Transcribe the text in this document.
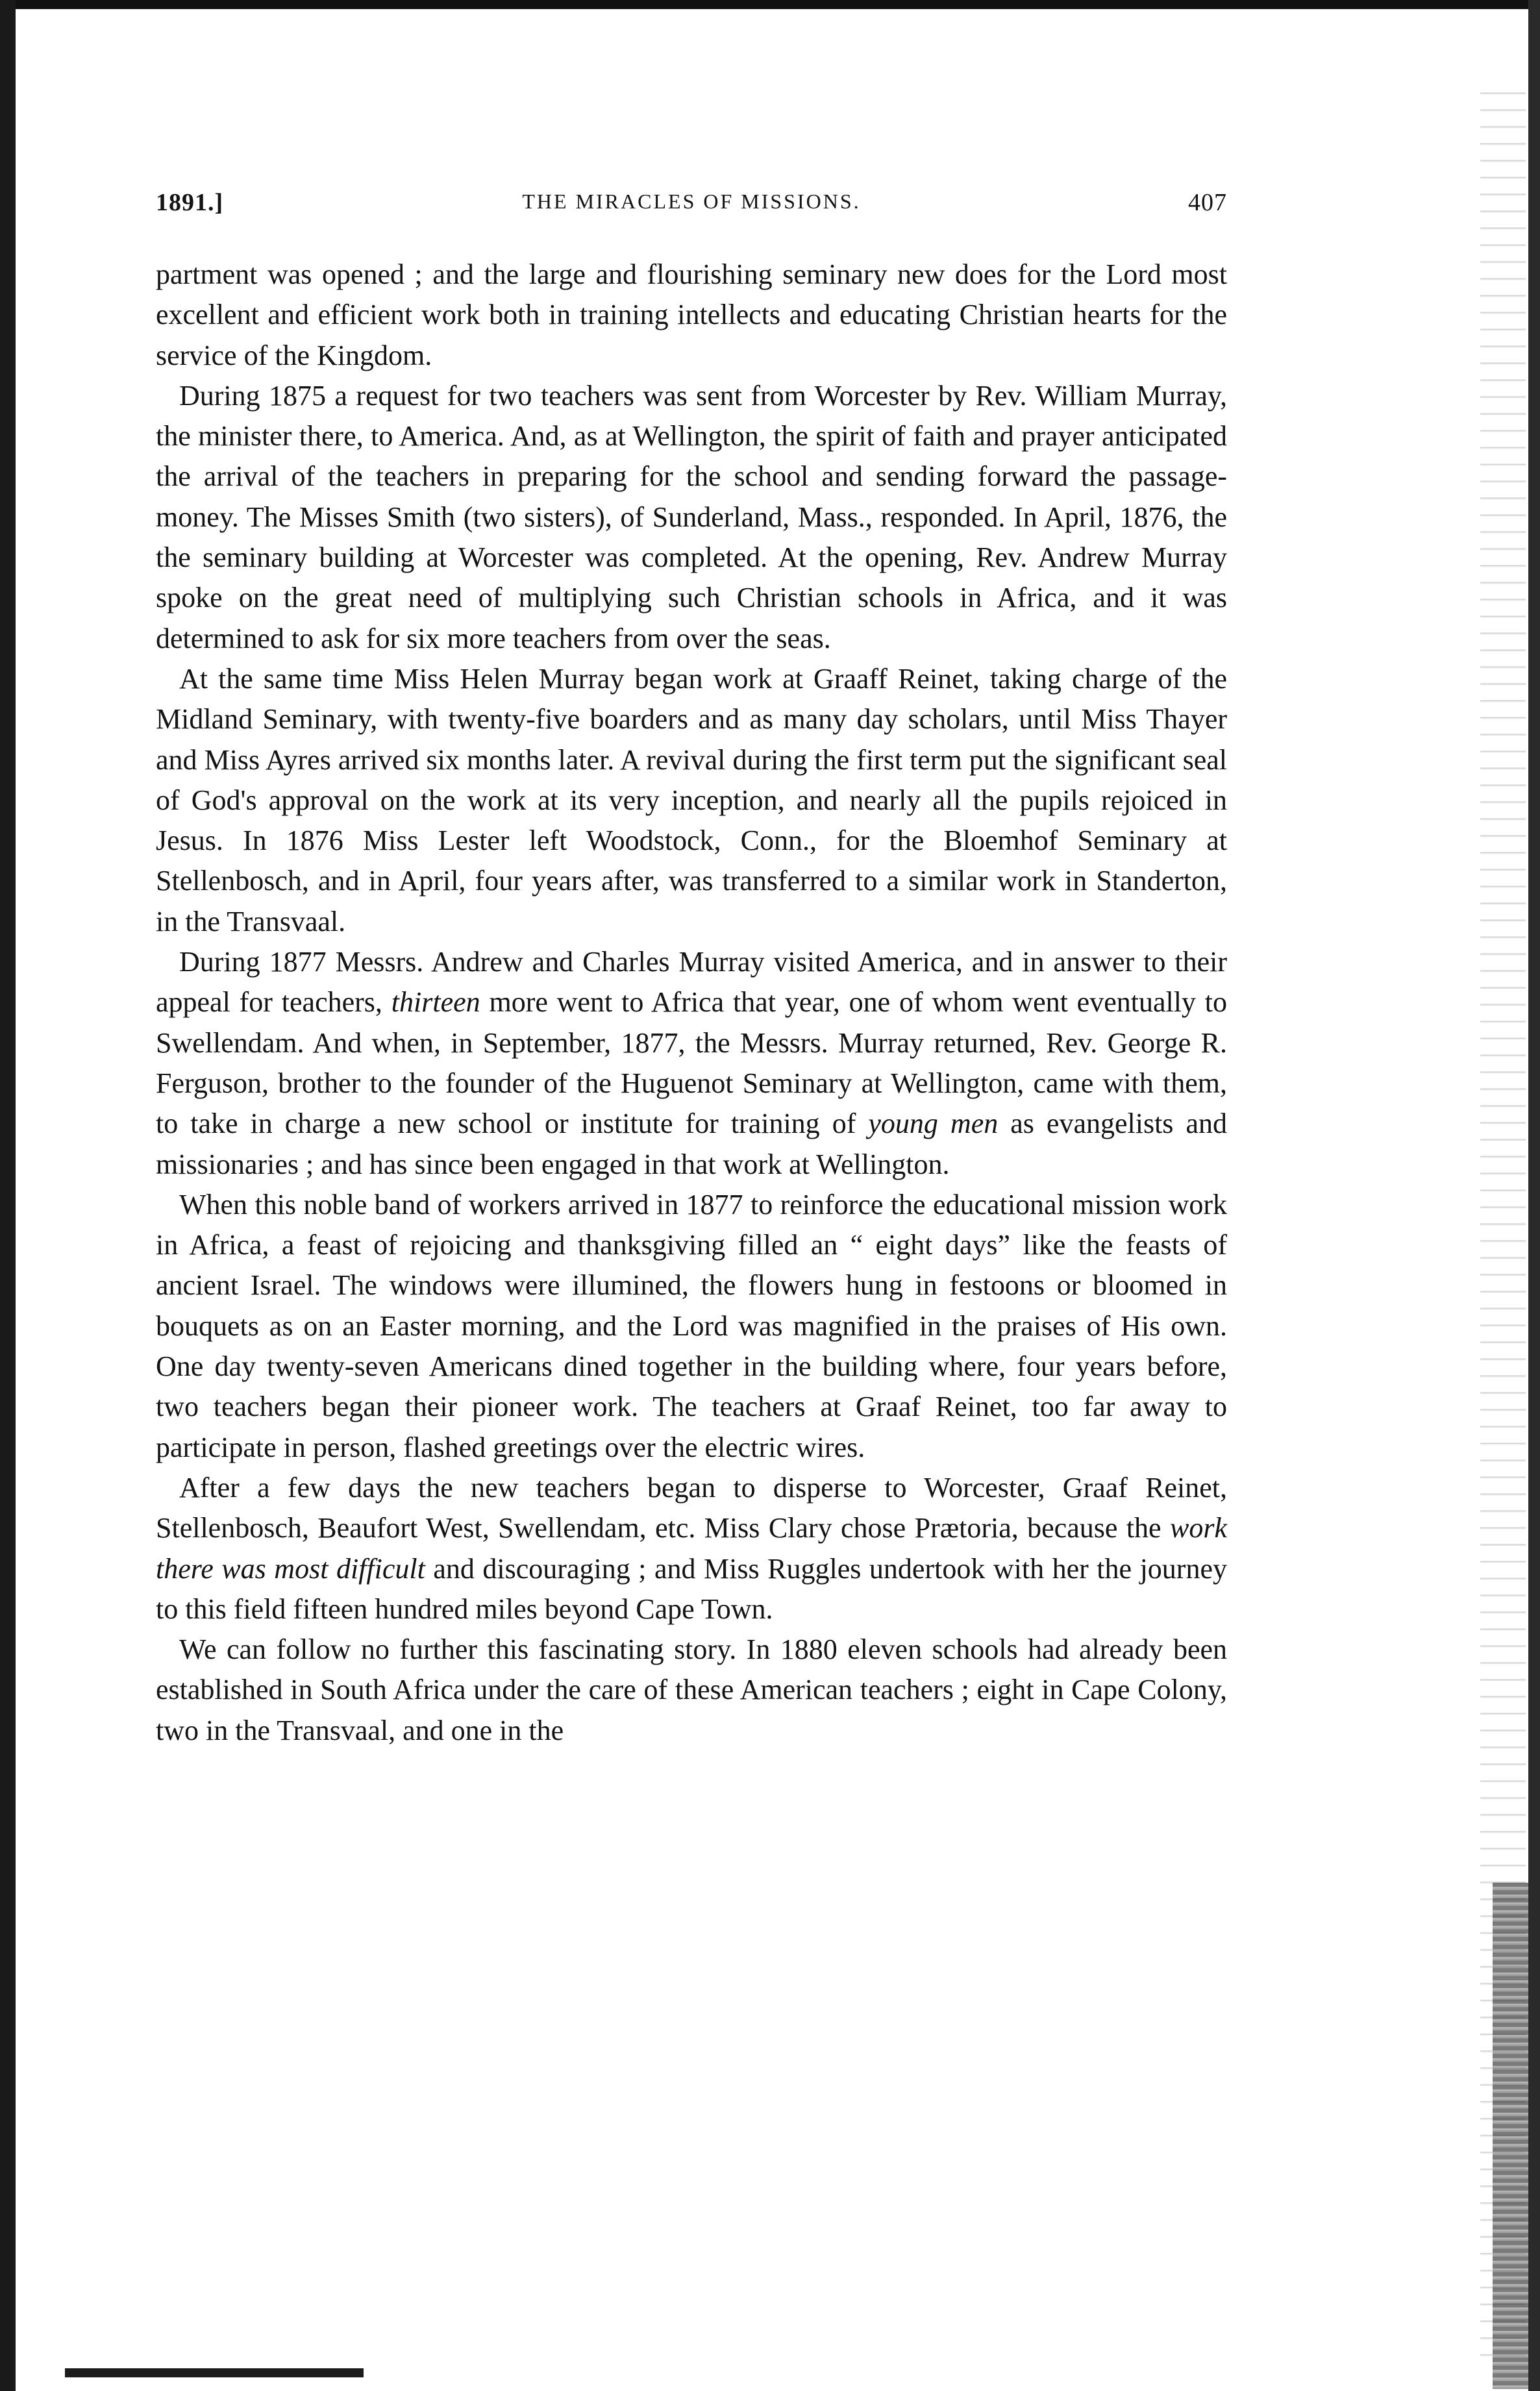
1891.]	THE MIRACLES OF MISSIONS.	407

partment was opened ; and the large and flourishing seminary new does for the Lord most excellent and efficient work both in training intellects and educating Christian hearts for the service of the Kingdom.

During 1875 a request for two teachers was sent from Worcester by Rev. William Murray, the minister there, to America. And, as at Wellington, the spirit of faith and prayer anticipated the arrival of the teachers in preparing for the school and sending forward the passage-money. The Misses Smith (two sisters), of Sunderland, Mass., responded. In April, 1876, the the seminary building at Worcester was completed. At the opening, Rev. Andrew Murray spoke on the great need of multiplying such Christian schools in Africa, and it was determined to ask for six more teachers from over the seas.

At the same time Miss Helen Murray began work at Graaff Reinet, taking charge of the Midland Seminary, with twenty-five boarders and as many day scholars, until Miss Thayer and Miss Ayres arrived six months later. A revival during the first term put the significant seal of God's approval on the work at its very inception, and nearly all the pupils rejoiced in Jesus. In 1876 Miss Lester left Woodstock, Conn., for the Bloemhof Seminary at Stellenbosch, and in April, four years after, was transferred to a similar work in Standerton, in the Transvaal.

During 1877 Messrs. Andrew and Charles Murray visited America, and in answer to their appeal for teachers, thirteen more went to Africa that year, one of whom went eventually to Swellendam. And when, in September, 1877, the Messrs. Murray returned, Rev. George R. Ferguson, brother to the founder of the Huguenot Seminary at Wellington, came with them, to take in charge a new school or institute for training of young men as evangelists and missionaries ; and has since been engaged in that work at Wellington.

When this noble band of workers arrived in 1877 to reinforce the educational mission work in Africa, a feast of rejoicing and thanksgiving filled an “ eight days” like the feasts of ancient Israel. The windows were illumined, the flowers hung in festoons or bloomed in bouquets as on an Easter morning, and the Lord was magnified in the praises of His own. One day twenty-seven Americans dined together in the building where, four years before, two teachers began their pioneer work. The teachers at Graaf Reinet, too far away to participate in person, flashed greetings over the electric wires.

After a few days the new teachers began to disperse to Worcester, Graaf Reinet, Stellenbosch, Beaufort West, Swellendam, etc. Miss Clary chose Prætoria, because the work there was most difficult and discouraging ; and Miss Ruggles undertook with her the journey to this field fifteen hundred miles beyond Cape Town.

We can follow no further this fascinating story. In 1880 eleven schools had already been established in South Africa under the care of these American teachers ; eight in Cape Colony, two in the Transvaal, and one in the
